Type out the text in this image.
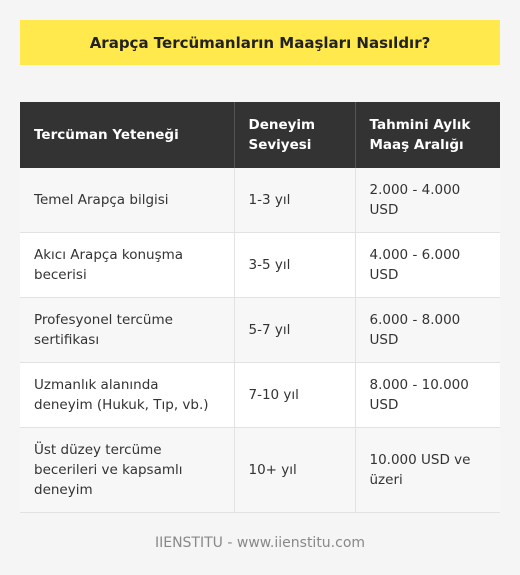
Arapça Tercümanların Maaşları Nasıldır?
Tercüman Yeteneği	Deneyim Seviyesi	Tahmini Aylık Maaş Aralığı
Temel Arapça bilgisi	1-3 yıl	2.000 - 4.000 USD
Akıcı Arapça konuşma becerisi	3-5 yıl	4.000 - 6.000 USD
Profesyonel tercüme sertifikası	5-7 yıl	6.000 - 8.000 USD
Uzmanlık alanında deneyim (Hukuk, Tıp, vb.)	7-10 yıl	8.000 - 10.000 USD
Üst düzey tercüme becerileri ve kapsamlı deneyim	10+ yıl	10.000 USD ve üzeri
IIENSTITU - www.iienstitu.com
